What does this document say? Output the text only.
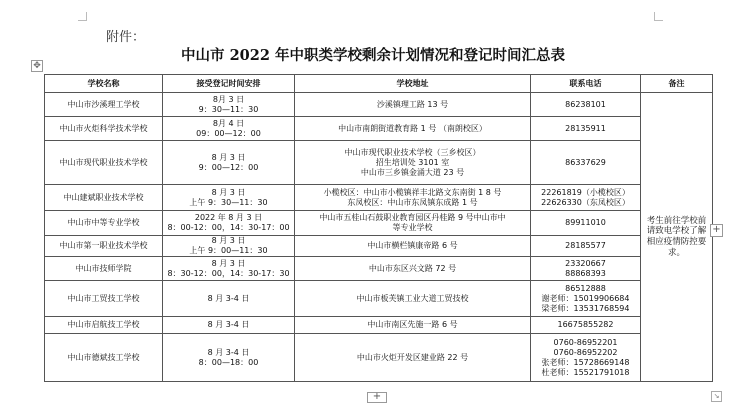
附件：
中山市 2022 年中职类学校剩余计划情况和登记时间汇总表
✥
学校名称	接受登记时间安排	学校地址	联系电话	备注
中山市沙溪理工学校	8月 3 日
9：30—11：30	沙溪镇理工路 13 号	86238101	考生前往学校前请致电学校了解相应疫情防控要求。
中山市火炬科学技术学校	8月 4 日
09：00—12：00	中山市南朗街道教育路 1 号 （南朗校区）	28135911	

中山市现代职业技术学校	8 月 3 日
9：00—12：00	中山市现代职业技术学校（三乡校区）
招生培训处 3101 室
中山市三乡镇金涌大道 23 号	86337629	

中山建斌职业技术学校	8 月 3 日
上午 9：30—11：30	小榄校区：中山市小榄镇祥丰北路文东南街 1 8 号
东凤校区：中山市东凤镇东成路 1 号	22261819（小榄校区）
22626330（东凤校区）	

中山市中等专业学校	2022 年 8 月 3 日
8：00-12：00，14：30-17：00	中山市五桂山石鼓职业教育园区丹桂路 9 号中山市中
等专业学校	89911010	

中山市第一职业技术学校	8 月 3 日
上午 9：00—11：30	中山市横栏镇康帝路 6 号	28185577	

中山市技师学院	8 月 3 日
8：30-12：00，14：30-17：30	中山市东区兴文路 72 号	23320667
88868393	

中山市工贸技工学校	8 月 3-4 日	中山市板芙镇工业大道工贸技校	86512888
谢老师：15019906684
梁老师：13531768594	

中山市启航技工学校	8 月 3-4 日	中山市南区先施一路 6 号	16675855282	

中山市德斌技工学校	8 月 3-4 日
8：00—18：00	中山市火炬开发区建业路 22 号	0760-86952201
0760-86952202
张老师：15728669148
杜老师：15521791018	
+
+	↘
